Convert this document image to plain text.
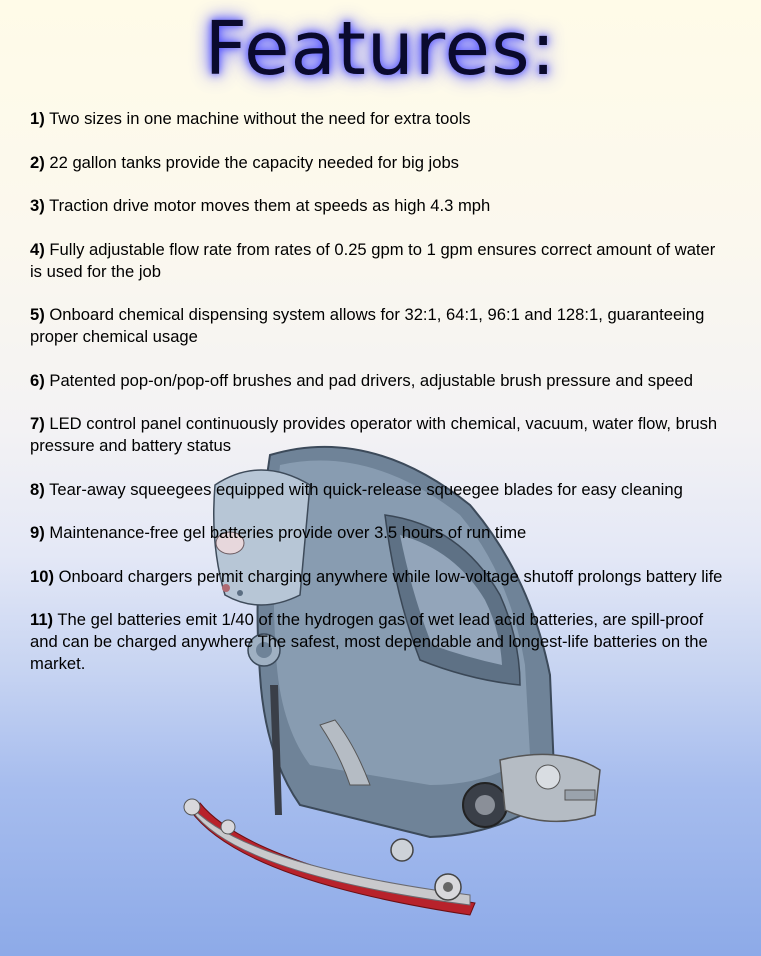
Features:

1) Two sizes in one machine without the need for extra tools

2) 22 gallon tanks provide the capacity needed for big jobs

3) Traction drive motor moves them at speeds as high 4.3 mph

4) Fully adjustable flow rate from rates of 0.25 gpm to 1 gpm ensures correct amount of water is used for the job

5) Onboard chemical dispensing system allows for 32:1, 64:1, 96:1 and 128:1, guaranteeing proper chemical usage

6) Patented pop-on/pop-off brushes and pad drivers, adjustable brush pressure and speed

7) LED control panel continuously provides operator with chemical, vacuum, water flow, brush pressure and battery status

8) Tear-away squeegees equipped with quick-release squeegee blades for easy cleaning

9) Maintenance-free gel batteries provide over 3.5 hours of run time

10) Onboard chargers permit charging anywhere while low-voltage shutoff prolongs battery life

11) The gel batteries emit 1/40 of the hydrogen gas of wet lead acid batteries, are spill-proof and can be charged anywhere The safest, most dependable and longest-life batteries on the market.
